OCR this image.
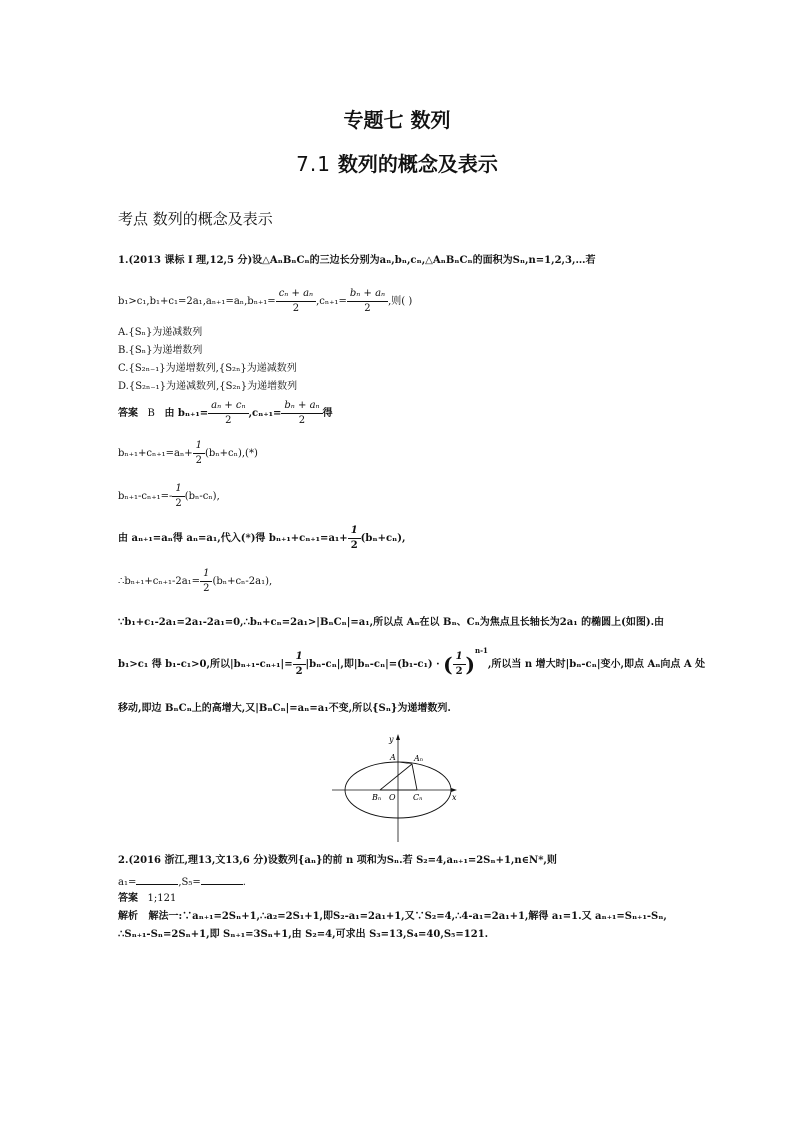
专题七 数列
7.1 数列的概念及表示
考点 数列的概念及表示
1.(2013 课标 I 理,12,5 分)设△AₙBₙCₙ的三边长分别为aₙ,bₙ,cₙ,△AₙBₙCₙ的面积为Sₙ,n=1,2,3,…若
$b_1>c_1,b_1+c_1=2a_1,a_{n+1}=a_n,b_{n+1}= \frac{\text{cₙ + aₙ}}{2} ,c_{n+1}= \frac{\text{bₙ + aₙ}}{2}$ ,则( )
A.{Sₙ}为递减数列
B.{Sₙ}为递增数列
C.{S₂ₙ₋₁}为递增数列,{S₂ₙ}为递减数列
D.{S₂ₙ₋₁}为递减数列,{S₂ₙ}为递增数列
答案 B 由 $b_{n+1}= \frac{\text{aₙ + cₙ}}{2} ,c_{n+1}= \frac{\text{bₙ + aₙ}}{2}$ 得
$b_{n+1}+c_{n+1}=a_n+ \frac{1}{2} (b_n+c_n),(*)$
$b_{n+1}-c_{n+1}=- \frac{1}{2} (b_n-c_n)$,
由 aₙ₊₁=aₙ得 aₙ=a₁,代入(*)得 $b_{n+1}+c_{n+1}=a_1+ \frac{1}{2} (b_n+c_n)$,
∴bₙ₊₁+cₙ₊₁-2a₁= $\frac{1}{2} (b_n+c_n-2a_1)$,
∵b₁+c₁-2a₁=2a₁-2a₁=0,∴bₙ+cₙ=2a₁>|BₙCₙ|=a₁,所以点 Aₙ在以 Bₙ、Cₙ为焦点且长轴长为2a₁ 的椭圆上(如图).由
b₁>c₁ 得 b₁-c₁>0,所以$|b_{n+1}-c_{n+1}|= \frac{1}{2} |b_n-c_n|$,即|bₙ-cₙ|=(b₁-c₁) · ( $\frac{1}{2} )^{n-1}$,所以当 n 增大时|bₙ-cₙ|变小,即点 Aₙ向点 A 处
移动,即边 BₙCₙ上的高增大,又|BₙCₙ|=aₙ=a₁不变,所以{Sₙ}为递增数列.
y
x
A Aₙ
Bₙ O Cₙ
2.(2016 浙江,理13,文13,6 分)设数列{aₙ}的前 n 项和为Sₙ.若 S₂=4,aₙ₊₁=2Sₙ+1,n∈N*,则
a₁=	,S₅=	.
答案 1;121
解析 解法一:∵aₙ₊₁=2Sₙ+1,∴a₂=2S₁+1,即S₂-a₁=2a₁+1,又∵S₂=4,∴4-a₁=2a₁+1,解得 a₁=1.又 aₙ₊₁=Sₙ₊₁-Sₙ,
∴Sₙ₊₁-Sₙ=2Sₙ+1,即 Sₙ₊₁=3Sₙ+1,由 S₂=4,可求出 S₃=13,S₄=40,S₅=121.
